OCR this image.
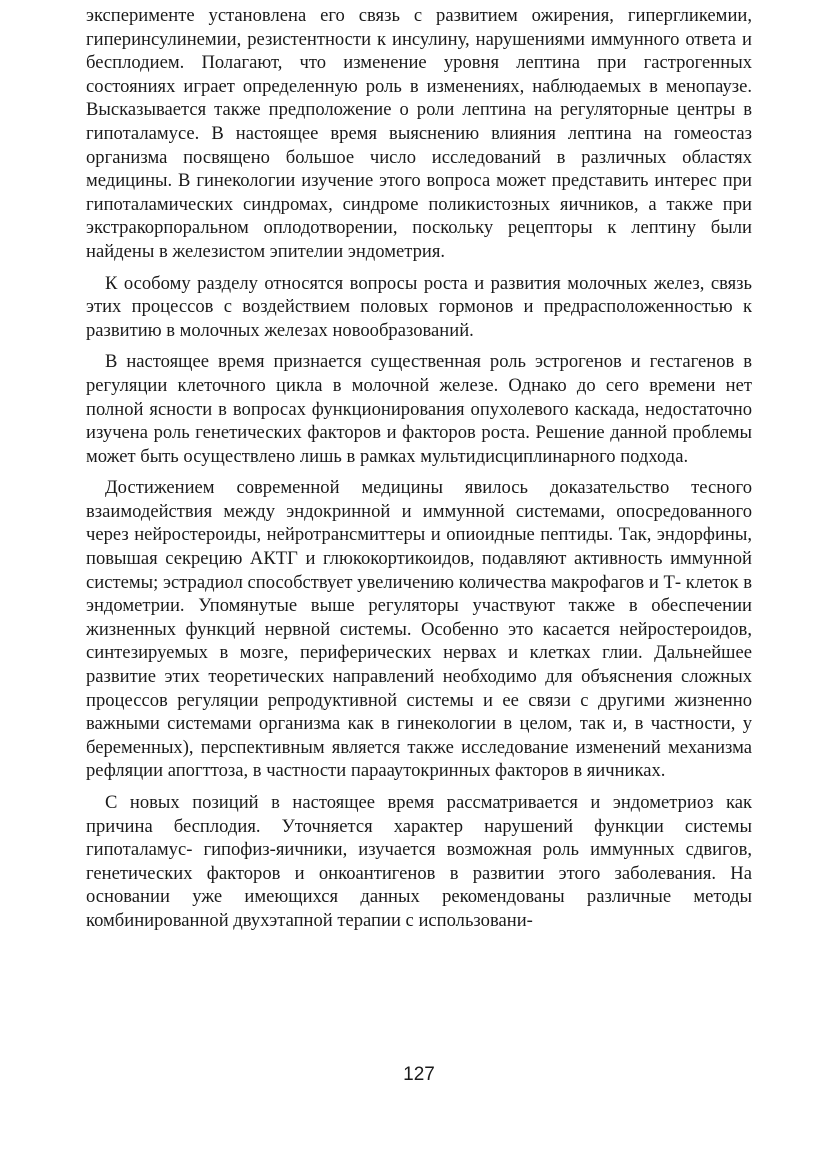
эксперименте установлена его связь с развитием ожирения, гипергликемии, гиперинсулинемии, резистентности к инсулину, нарушениями иммунного ответа и бесплодием. Полагают, что изменение уровня лептина при гастрогенных состояниях играет определенную роль в изменениях, наблюдаемых в менопаузе. Высказывается также предположение о роли лептина на регуляторные центры в гипоталамусе. В настоящее время выяснению влияния лептина на гомеостаз организма посвящено большое число исследований в различных областях медицины. В гинекологии изучение этого вопроса может представить интерес при гипоталамических синдромах, синдроме поликистозных яичников, а также при экстракорпоральном оплодотворении, поскольку рецепторы к лептину были найдены в железистом эпителии эндометрия.

К особому разделу относятся вопросы роста и развития молочных желез, связь этих процессов с воздействием половых гормонов и предрасположенностью к развитию в молочных железах новообразований.

В настоящее время признается существенная роль эстрогенов и гестагенов в регуляции клеточного цикла в молочной железе. Однако до сего времени нет полной ясности в вопросах функционирования опухолевого каскада, недостаточно изучена роль генетических факторов и факторов роста. Решение данной проблемы может быть осуществлено лишь в рамках мультидисциплинарного подхода.

Достижением современной медицины явилось доказательство тесного взаимодействия между эндокринной и иммунной системами, опосредованного через нейростероиды, нейротрансмиттеры и опиоидные пептиды. Так, эндорфины, повышая секрецию АКТГ и глюкокортикоидов, подавляют активность иммунной системы; эстрадиол способствует увеличению количества макрофагов и Т- клеток в эндометрии. Упомянутые выше регуляторы участвуют также в обеспечении жизненных функций нервной системы. Особенно это касается нейростероидов, синтезируемых в мозге, периферических нервах и клетках глии. Дальнейшее развитие этих теоретических направлений необходимо для объяснения сложных процессов регуляции репродуктивной системы и ее связи с другими жизненно важными системами организма как в гинекологии в целом, так и, в частности, у беременных), перспективным является также исследование изменений механизма рефляции апогттоза, в частности парааутокринных факторов в яичниках.

С новых позиций в настоящее время рассматривается и эндометриоз как причина бесплодия. Уточняется характер нарушений функции системы гипоталамус- гипофиз-яичники, изучается возможная роль иммунных сдвигов, генетических факторов и онкоантигенов в развитии этого заболевания. На основании уже имеющихся данных рекомендованы различные методы комбинированной двухэтапной терапии с использовани-

127
